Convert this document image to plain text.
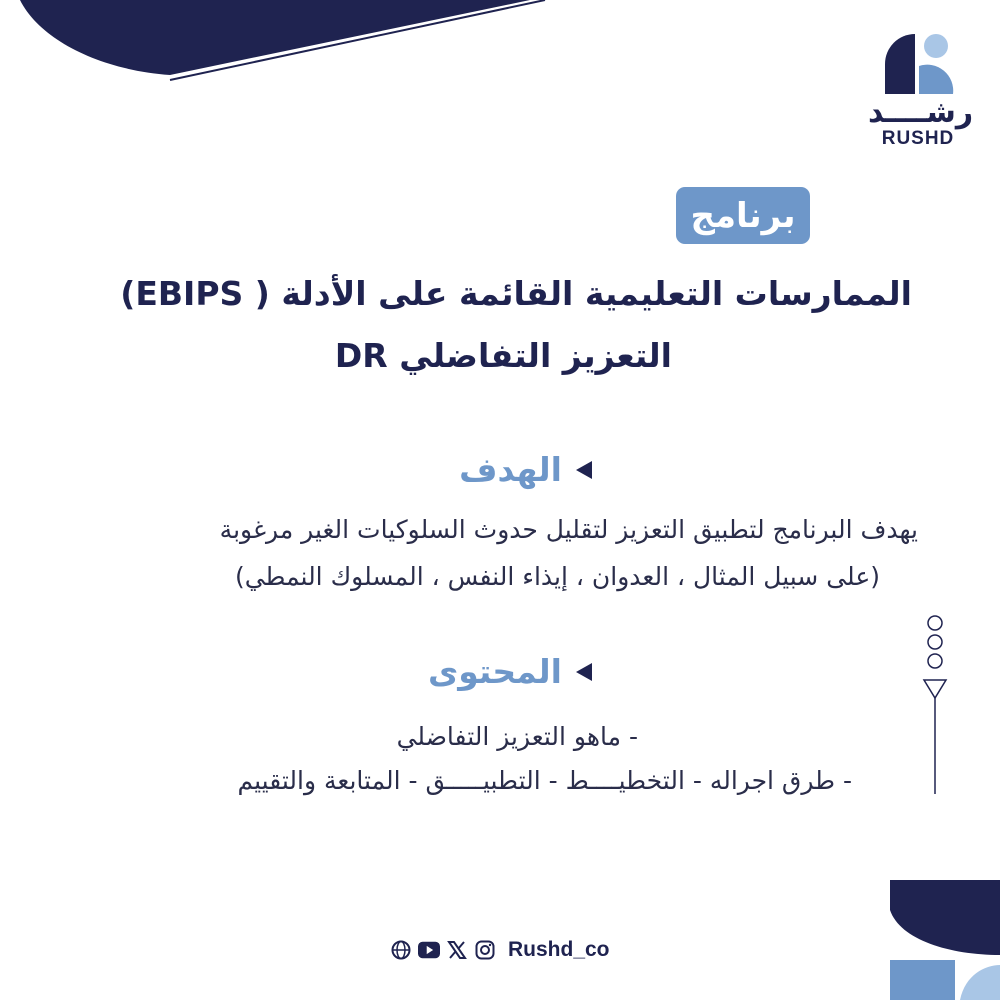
رشــــد
RUSHD
برنامج
الممارسات التعليمية القائمة على الأدلة ( EBIPS)
التعزيز التفاضلي DR
الهدف
يهدف البرنامج لتطبيق التعزيز لتقليل حدوث السلوكيات الغير مرغوبة
(على سبيل المثال ، العدوان ، إيذاء النفس ، المسلوك النمطي)
المحتوى
- ماهو التعزيز التفاضلي
- طرق اجراله - التخطيــــط - التطبيـــــق - المتابعة والتقييم
Rushd_co
